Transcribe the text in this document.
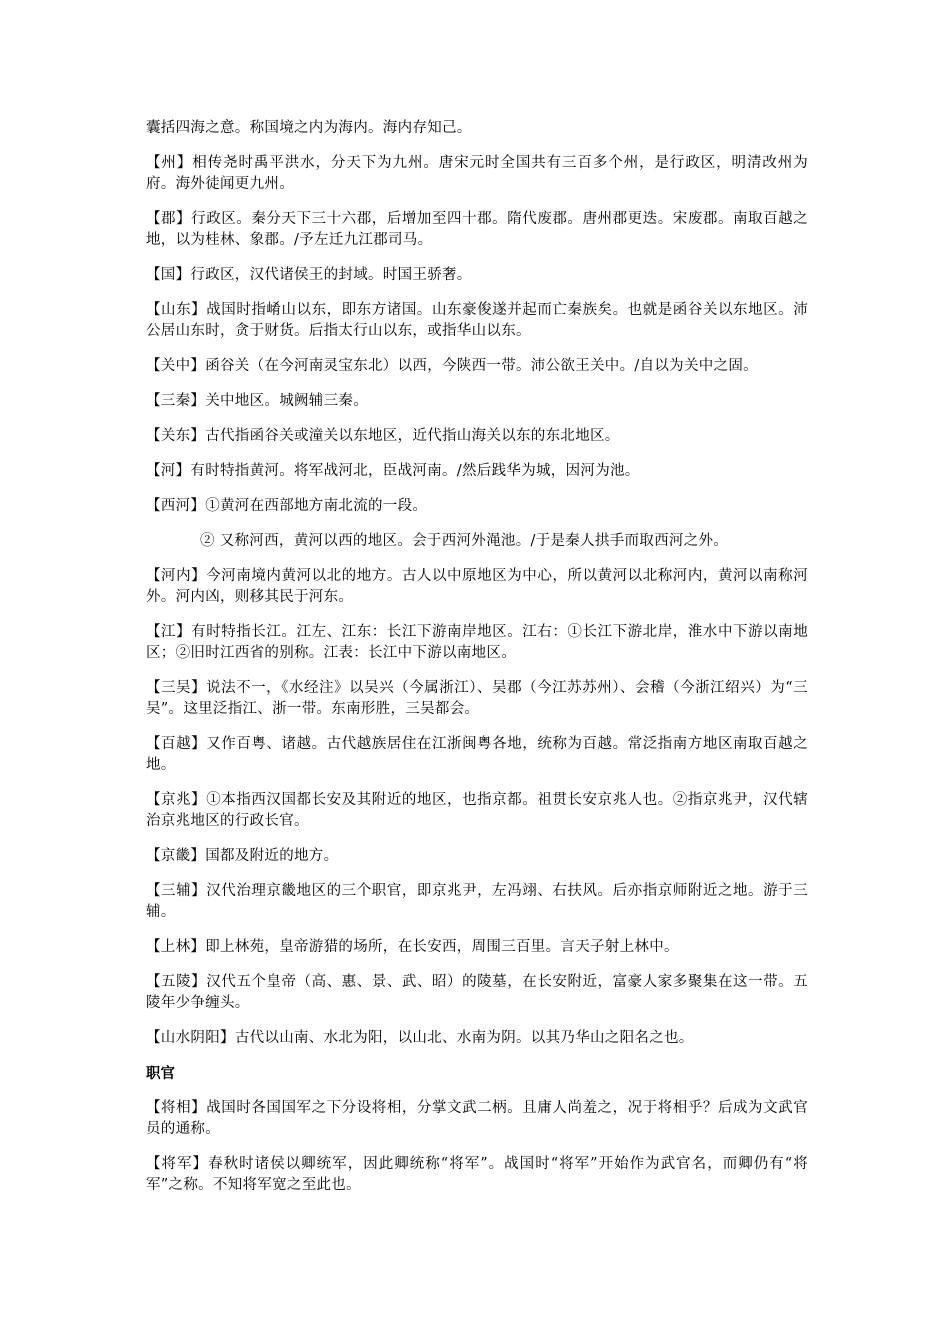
囊括四海之意。称国境之内为海内。海内存知己。

【州】相传尧时禹平洪水，分天下为九州。唐宋元时全国共有三百多个州，是行政区，明清改州为府。海外徒闻更九州。

【郡】行政区。秦分天下三十六郡，后增加至四十郡。隋代废郡。唐州郡更迭。宋废郡。南取百越之地，以为桂林、象郡。/予左迁九江郡司马。

【国】行政区，汉代诸侯王的封域。时国王骄奢。

【山东】战国时指崤山以东，即东方诸国。山东豪俊遂并起而亡秦族矣。也就是函谷关以东地区。沛公居山东时，贪于财货。后指太行山以东，或指华山以东。

【关中】函谷关（在今河南灵宝东北）以西，今陕西一带。沛公欲王关中。/自以为关中之固。

【三秦】关中地区。城阙辅三秦。

【关东】古代指函谷关或潼关以东地区，近代指山海关以东的东北地区。

【河】有时特指黄河。将军战河北，臣战河南。/然后践华为城，因河为池。

【西河】①黄河在西部地方南北流的一段。

② 又称河西，黄河以西的地区。会于西河外渑池。/于是秦人拱手而取西河之外。

【河内】今河南境内黄河以北的地方。古人以中原地区为中心，所以黄河以北称河内，黄河以南称河外。河内凶，则移其民于河东。

【江】有时特指长江。江左、江东：长江下游南岸地区。江右：①长江下游北岸，淮水中下游以南地区；②旧时江西省的别称。江表：长江中下游以南地区。

【三吴】说法不一，《水经注》以吴兴（今属浙江）、吴郡（今江苏苏州）、会稽（今浙江绍兴）为“三吴”。这里泛指江、浙一带。东南形胜，三吴都会。

【百越】又作百粤、诸越。古代越族居住在江浙闽粤各地，统称为百越。常泛指南方地区南取百越之地。

【京兆】①本指西汉国都长安及其附近的地区，也指京都。祖贯长安京兆人也。②指京兆尹，汉代辖治京兆地区的行政长官。

【京畿】国都及附近的地方。

【三辅】汉代治理京畿地区的三个职官，即京兆尹，左冯翊、右扶风。后亦指京师附近之地。游于三辅。

【上林】即上林苑，皇帝游猎的场所，在长安西，周围三百里。言天子射上林中。

【五陵】汉代五个皇帝（高、惠、景、武、昭）的陵墓，在长安附近，富豪人家多聚集在这一带。五陵年少争缠头。

【山水阴阳】古代以山南、水北为阳，以山北、水南为阴。以其乃华山之阳名之也。

职官

【将相】战国时各国国军之下分设将相，分掌文武二柄。且庸人尚羞之，况于将相乎？后成为文武官员的通称。

【将军】春秋时诸侯以卿统军，因此卿统称“将军”。战国时“将军”开始作为武官名，而卿仍有“将军”之称。不知将军宽之至此也。
